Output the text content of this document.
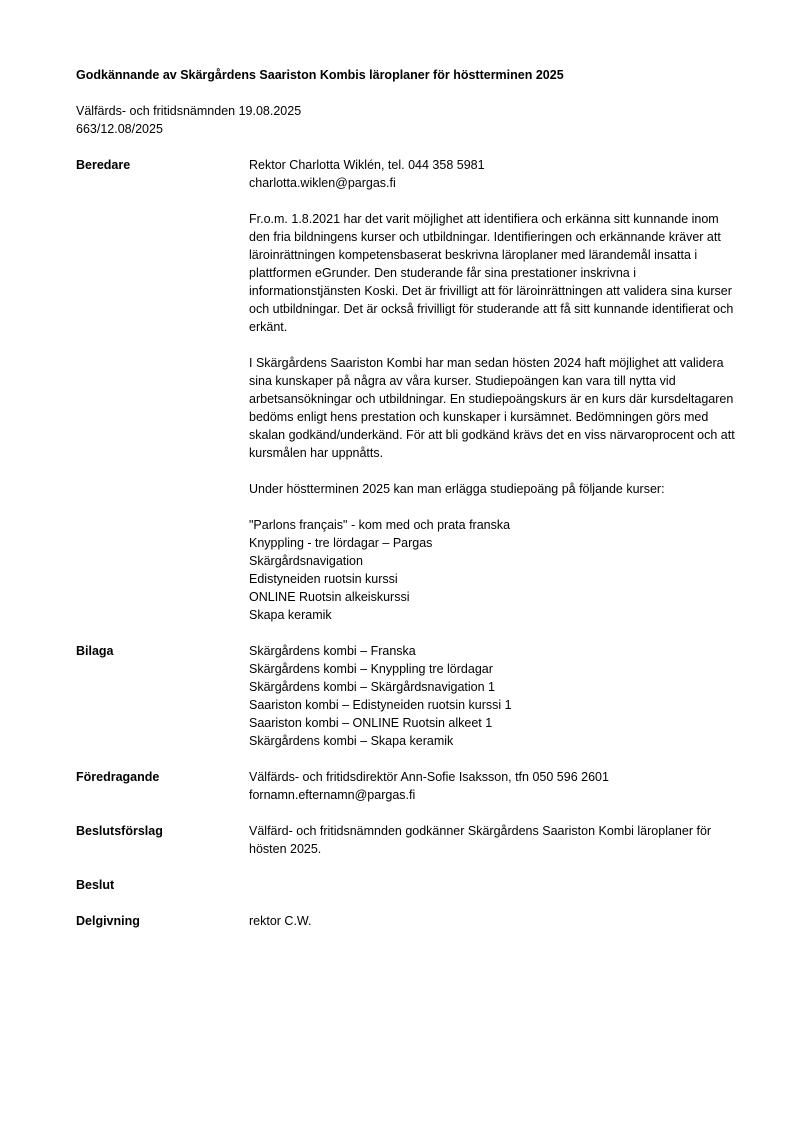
Godkännande av Skärgårdens Saariston Kombis läroplaner för höstterminen 2025

Välfärds- och fritidsnämnden 19.08.2025

663/12.08/2025

Beredare	Rektor Charlotta Wiklén, tel. 044 358 5981

charlotta.wiklen@pargas.fi

Fr.o.m. 1.8.2021 har det varit möjlighet att identifiera och erkänna sitt kunnande inom den fria bildningens kurser och utbildningar. Identifieringen och erkännande kräver att läroinrättningen kompetensbaserat beskrivna läroplaner med lärandemål insatta i plattformen eGrunder. Den studerande får sina prestationer inskrivna i informationstjänsten Koski. Det är frivilligt att för läroinrättningen att validera sina kurser och utbildningar. Det är också frivilligt för studerande att få sitt kunnande identifierat och erkänt.

I Skärgårdens Saariston Kombi har man sedan hösten 2024 haft möjlighet att validera sina kunskaper på några av våra kurser. Studiepoängen kan vara till nytta vid arbetsansökningar och utbildningar. En studiepoängskurs är en kurs där kursdeltagaren bedöms enligt hens prestation och kunskaper i kursämnet. Bedömningen görs med skalan godkänd/underkänd. För att bli godkänd krävs det en viss närvaroprocent och att kursmålen har uppnåtts.

Under höstterminen 2025 kan man erlägga studiepoäng på följande kurser:

"Parlons français" - kom med och prata franska
Knyppling - tre lördagar – Pargas
Skärgårdsnavigation
Edistyneiden ruotsin kurssi
ONLINE Ruotsin alkeiskurssi
Skapa keramik
Bilaga	Skärgårdens kombi – Franska
Skärgårdens kombi – Knyppling tre lördagar
Skärgårdens kombi – Skärgårdsnavigation 1
Saariston kombi – Edistyneiden ruotsin kurssi 1
Saariston kombi – ONLINE Ruotsin alkeet 1
Skärgårdens kombi – Skapa keramik
Föredragande	Välfärds- och fritidsdirektör Ann-Sofie Isaksson, tfn 050 596 2601

fornamn.efternamn@pargas.fi

Beslutsförslag	Välfärd- och fritidsnämnden godkänner Skärgårdens Saariston Kombi läroplaner för hösten 2025.

Beslut
Delgivning	rektor C.W.
